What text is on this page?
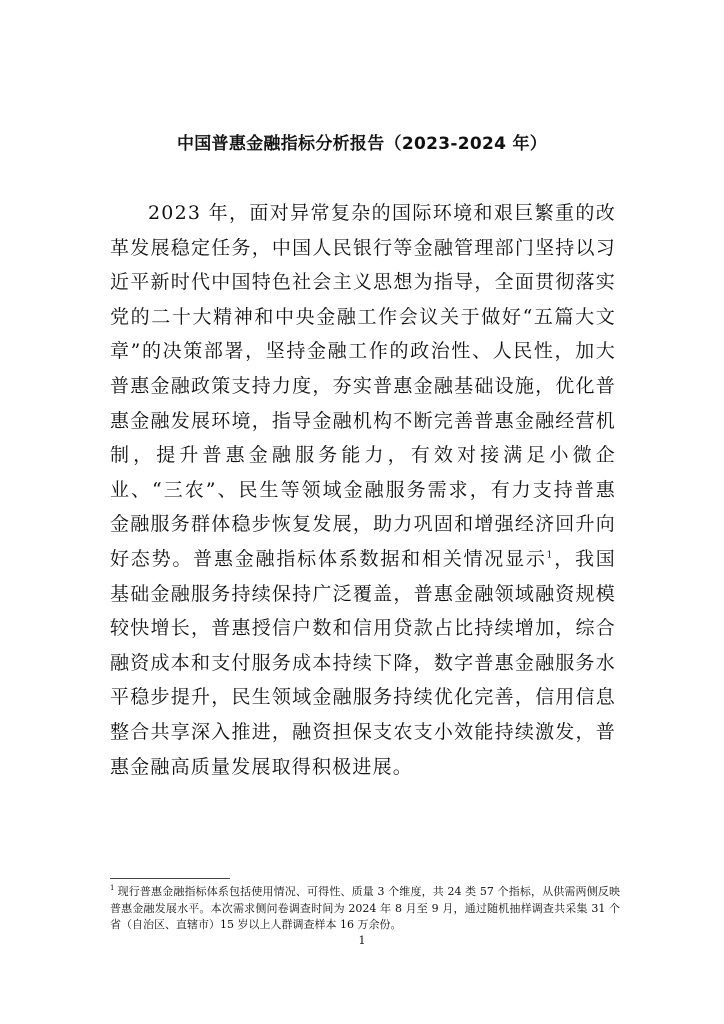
中国普惠金融指标分析报告（2023-2024 年）

2023 年，面对异常复杂的国际环境和艰巨繁重的改革发展稳定任务，中国人民银行等金融管理部门坚持以习近平新时代中国特色社会主义思想为指导，全面贯彻落实党的二十大精神和中央金融工作会议关于做好“五篇大文章”的决策部署，坚持金融工作的政治性、人民性，加大普惠金融政策支持力度，夯实普惠金融基础设施，优化普惠金融发展环境，指导金融机构不断完善普惠金融经营机制，提升普惠金融服务能力，有效对接满足小微企业、“三农”、民生等领域金融服务需求，有力支持普惠金融服务群体稳步恢复发展，助力巩固和增强经济回升向好态势。普惠金融指标体系数据和相关情况显示$^1$，我国基础金融服务持续保持广泛覆盖，普惠金融领域融资规模较快增长，普惠授信户数和信用贷款占比持续增加，综合融资成本和支付服务成本持续下降，数字普惠金融服务水平稳步提升，民生领域金融服务持续优化完善，信用信息整合共享深入推进，融资担保支农支小效能持续激发，普惠金融高质量发展取得积极进展。

$^1$ 现行普惠金融指标体系包括使用情况、可得性、质量 3 个维度，共 24 类 57 个指标，从供需两侧反映普惠金融发展水平。本次需求侧问卷调查时间为 2024 年 8 月至 9 月，通过随机抽样调查共采集 31 个省（自治区、直辖市）15 岁以上人群调查样本 16 万余份。

1
